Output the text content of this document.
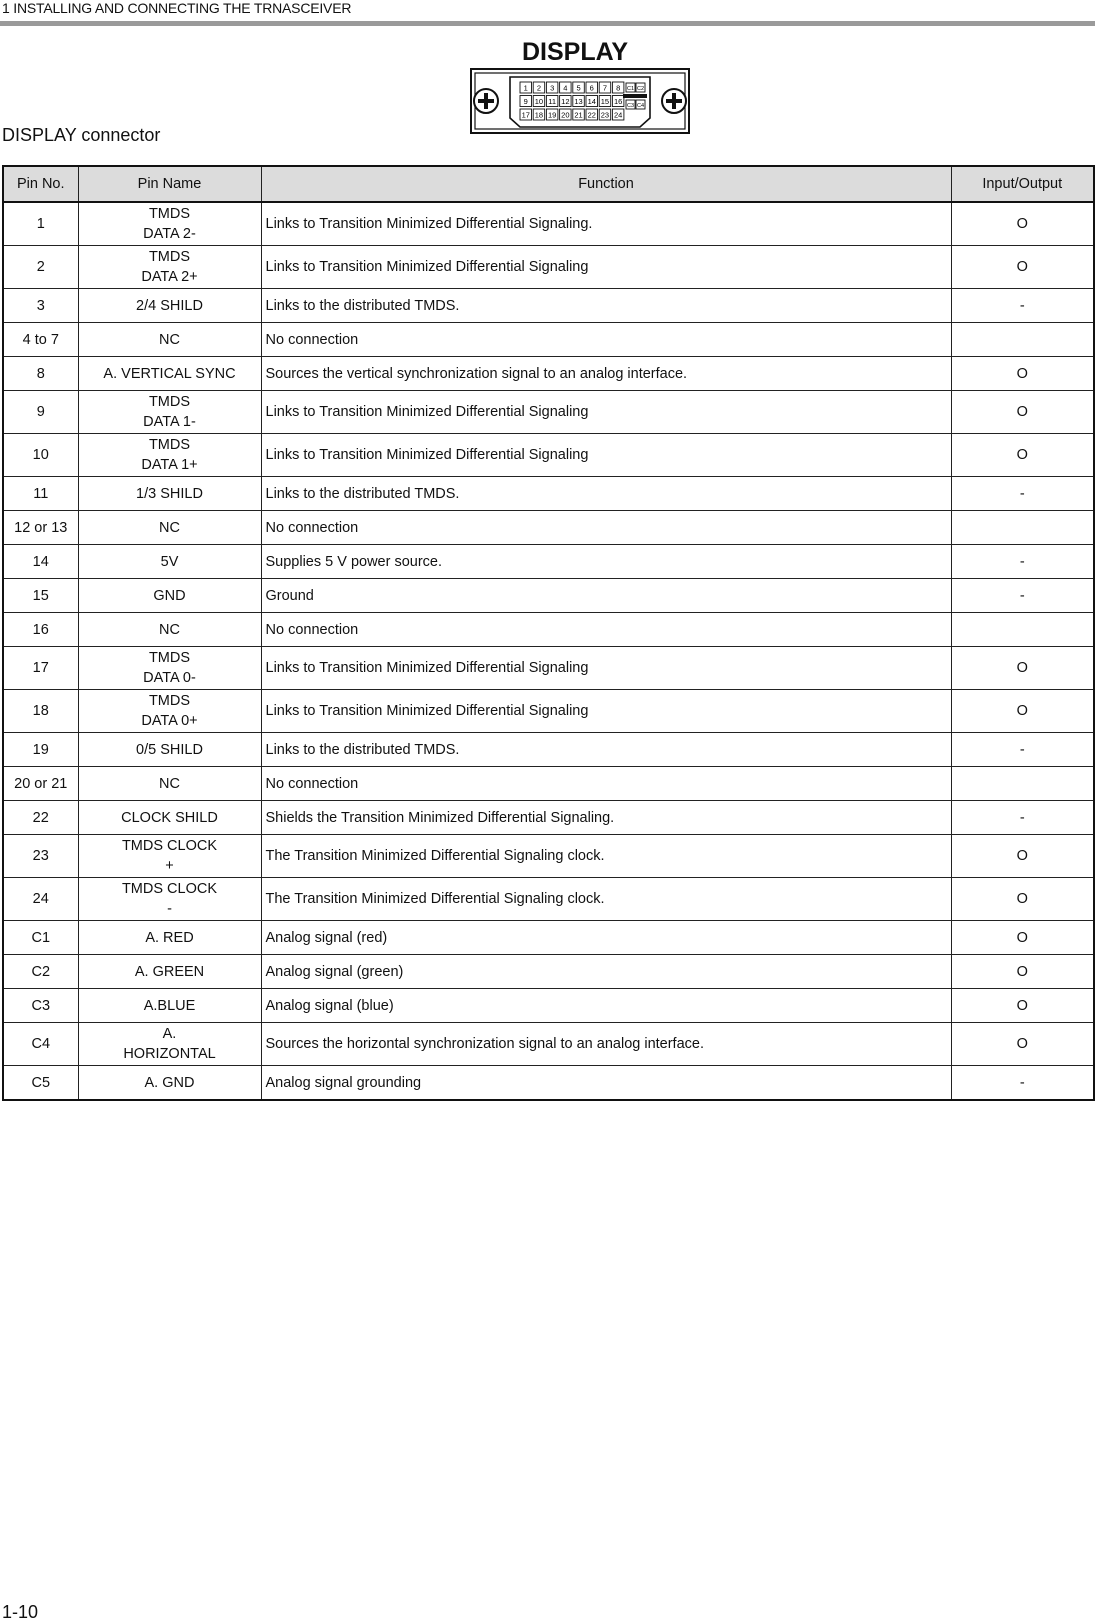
1 INSTALLING AND CONNECTING THE TRNASCEIVER
DISPLAY
DISPLAY connector
1 2 3 4 5 6 7 8
9 10 11 12 13 14 15 16
17 18 19 20 21 22 23 24
C1 C2
C3 C4
Pin No.	Pin Name	Function	Input/Output
1	TMDS
DATA 2-	Links to Transition Minimized Differential Signaling.	O
2	TMDS
DATA 2+	Links to Transition Minimized Differential Signaling	O
3	2/4 SHILD	Links to the distributed TMDS.	-
4 to 7	NC	No connection	
8	A. VERTICAL SYNC	Sources the vertical synchronization signal to an analog interface.	O
9	TMDS
DATA 1-	Links to Transition Minimized Differential Signaling	O
10	TMDS
DATA 1+	Links to Transition Minimized Differential Signaling	O
11	1/3 SHILD	Links to the distributed TMDS.	-
12 or 13	NC	No connection	
14	5V	Supplies 5 V power source.	-
15	GND	Ground	-
16	NC	No connection	
17	TMDS
DATA 0-	Links to Transition Minimized Differential Signaling	O
18	TMDS
DATA 0+	Links to Transition Minimized Differential Signaling	O
19	0/5 SHILD	Links to the distributed TMDS.	-
20 or 21	NC	No connection	
22	CLOCK SHILD	Shields the Transition Minimized Differential Signaling.	-
23	TMDS CLOCK
+	The Transition Minimized Differential Signaling clock.	O
24	TMDS CLOCK
-	The Transition Minimized Differential Signaling clock.	O
C1	A. RED	Analog signal (red)	O
C2	A. GREEN	Analog signal (green)	O
C3	A.BLUE	Analog signal (blue)	O
C4	A.
HORIZONTAL	Sources the horizontal synchronization signal to an analog interface.	O
C5	A. GND	Analog signal grounding	-
1-10
